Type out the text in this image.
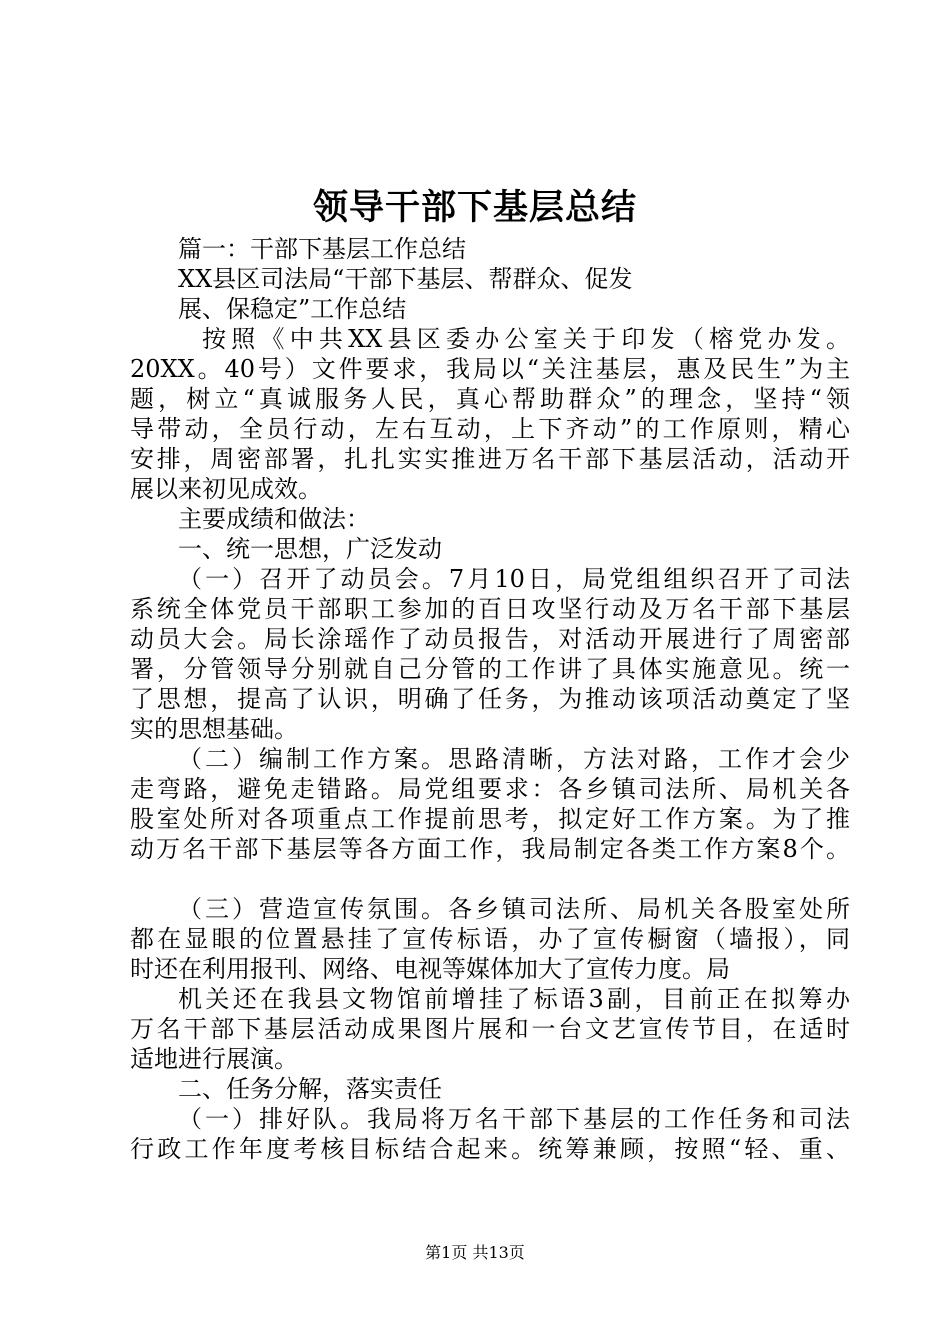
领导干部下基层总结
篇一：干部下基层工作总结
XX县区司法局“干部下基层、帮群众、促发
展、保稳定”工作总结
按照《中共XX县区委办公室关于印发（榕党办发。
20XX。40号）文件要求，我局以“关注基层，惠及民生”为主
题，树立“真诚服务人民，真心帮助群众”的理念，坚持“领
导带动，全员行动，左右互动，上下齐动”的工作原则，精心
安排，周密部署，扎扎实实推进万名干部下基层活动，活动开
展以来初见成效。
主要成绩和做法：
一、统一思想，广泛发动
（一）召开了动员会。7月10日，局党组组织召开了司法
系统全体党员干部职工参加的百日攻坚行动及万名干部下基层
动员大会。局长涂瑶作了动员报告，对活动开展进行了周密部
署，分管领导分别就自己分管的工作讲了具体实施意见。统一
了思想，提高了认识，明确了任务，为推动该项活动奠定了坚
实的思想基础。
（二）编制工作方案。思路清晰，方法对路，工作才会少
走弯路，避免走错路。局党组要求：各乡镇司法所、局机关各
股室处所对各项重点工作提前思考，拟定好工作方案。为了推
动万名干部下基层等各方面工作，我局制定各类工作方案8个。
（三）营造宣传氛围。各乡镇司法所、局机关各股室处所
都在显眼的位置悬挂了宣传标语，办了宣传橱窗（墙报），同
时还在利用报刊、网络、电视等媒体加大了宣传力度。局
机关还在我县文物馆前增挂了标语3副，目前正在拟筹办
万名干部下基层活动成果图片展和一台文艺宣传节目，在适时
适地进行展演。
二、任务分解，落实责任
（一）排好队。我局将万名干部下基层的工作任务和司法
行政工作年度考核目标结合起来。统筹兼顾，按照“轻、重、
第1页 共13页
